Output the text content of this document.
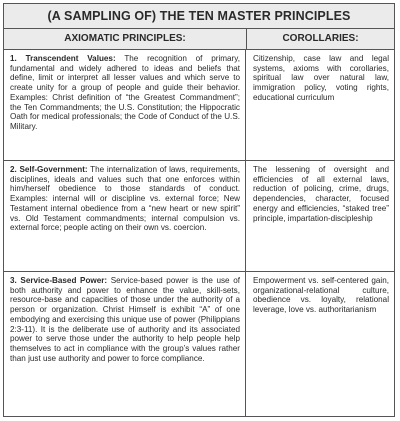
(A SAMPLING OF) THE TEN MASTER PRINCIPLES
AXIOMATIC PRINCIPLES:	COROLLARIES:
1. Transcendent Values: The recognition of primary, fundamental and widely adhered to ideas and beliefs that define, limit or interpret all lesser values and which serve to create unity for a group of people and guide their behavior. Examples: Christ definition of “the Greatest Commandment”; the Ten Commandments; the U.S. Constitution; the Hippocratic Oath for medical professionals; the Code of Conduct of the U.S. Military.
Citizenship, case law and legal systems, axioms with corollaries, spiritual law over natural law, immigration policy, voting rights, educational curriculum
2. Self-Government: The internalization of laws, requirements, disciplines, ideals and values such that one enforces within him/herself obedience to those standards of conduct. Examples: internal will or discipline vs. external force; New Testament internal obedience from a “new heart or new spirit” vs. Old Testament commandments; internal compulsion vs. external force; people acting on their own vs. coercion.
The lessening of oversight and efficiencies of all external laws, reduction of policing, crime, drugs, dependencies, character, focused energy and efficiencies, “staked tree” principle, impartation-discipleship
3. Service-Based Power: Service-based power is the use of both authority and power to enhance the value, skill-sets, resource-base and capacities of those under the authority of a person or organization. Christ Himself is exhibit “A” of one embodying and exercising this unique use of power (Philippians 2:3-11). It is the deliberate use of authority and its associated power to serve those under the authority to help people help themselves to act in compliance with the group’s values rather than just use authority and power to force compliance.
Empowerment vs. self-centered gain, organizational-relational culture, obedience vs. loyalty, relational leverage, love vs. authoritarianism
